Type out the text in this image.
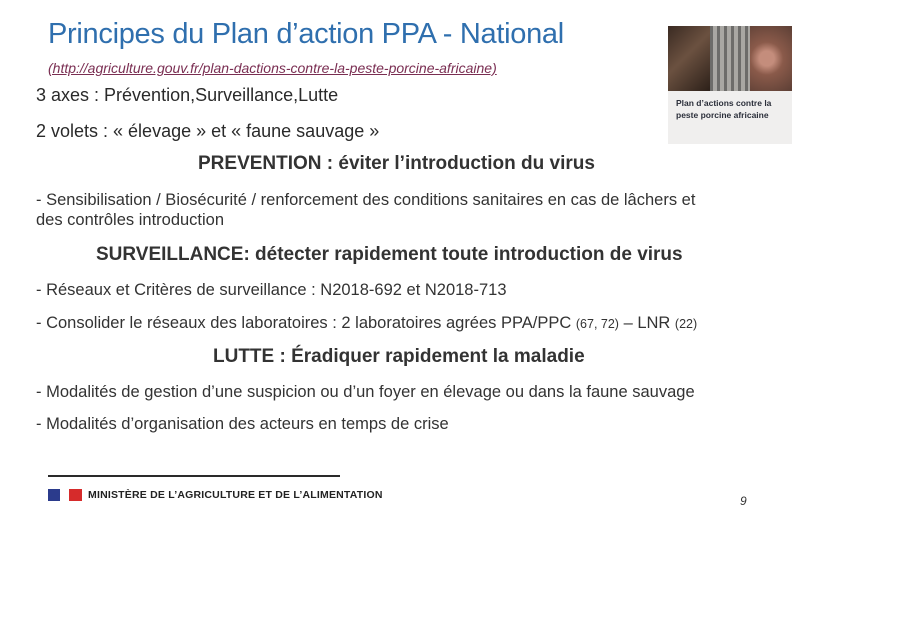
Principes du Plan d’action PPA - National
(http://agriculture.gouv.fr/plan-dactions-contre-la-peste-porcine-africaine)
3 axes : Prévention,Surveillance,Lutte
2 volets : « élevage » et « faune sauvage »
Plan d’actions contre la peste porcine africaine
PREVENTION : éviter l’introduction du virus
- Sensibilisation / Biosécurité / renforcement des conditions sanitaires en cas de lâchers et
des contrôles introduction
SURVEILLANCE: détecter rapidement toute introduction de virus
- Réseaux et Critères de surveillance : N2018-692 et N2018-713
- Consolider le réseaux des laboratoires : 2 laboratoires agrées PPA/PPC (67, 72) – LNR (22)
LUTTE : Éradiquer rapidement la maladie
- Modalités de gestion d’une suspicion ou d’un foyer en élevage ou dans la faune sauvage
- Modalités d’organisation des acteurs en temps de crise
MINISTÈRE DE L’AGRICULTURE ET DE L’ALIMENTATION	9
